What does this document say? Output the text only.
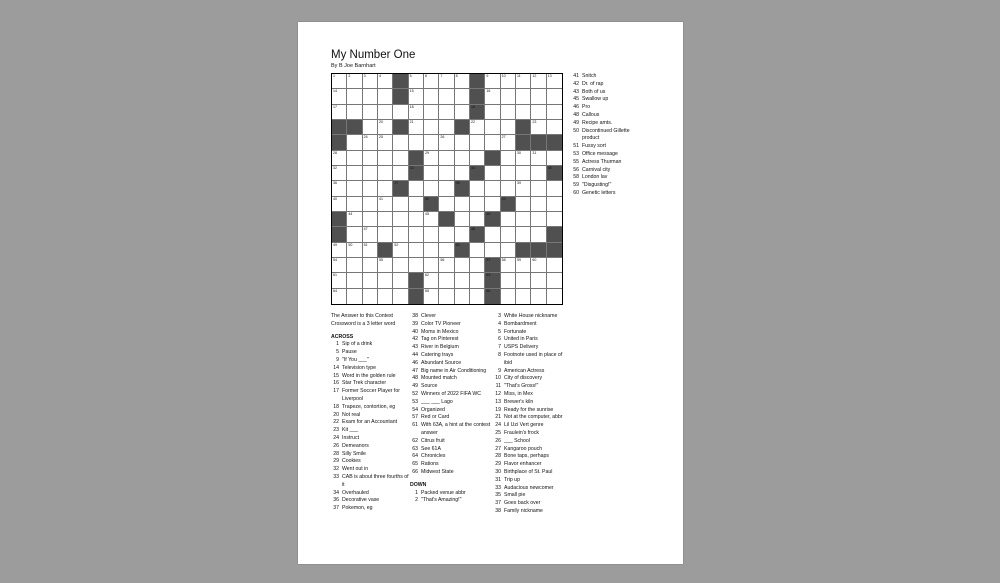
My Number One
By B Joe Barnhart
1	2	3	4	5	6	7	8	9	10	11	12	13
14	15	16
17	18	19
20	21	22	23
24	25	26	27
28	29	30	31
32	33	34	35
36	37	38	39
40	41	42	43
44	45	46
47	48
49	50	51	52	53
54	55	56	57	58	59	60
61	62	63
64	65	66
The Answer to this Contest Crossword is a 3 letter word
ACROSS
1 Sip of a drink
5 Pause
9 "If You ___"
14 Television type
15 Word in the golden rule
16 Star Trek character
17 Former Soccer Player for Liverpool
18 Trapeze, contortion, eg
20 Not real
22 Exam for an Accountant
23 Kit ___
24 Instruct
26 Demeanors
28 Silly Smile
29 Cookies
32 Went out in
33 CAB is about three fourths of it
34 Overhauled
36 Decorative vase
37 Pokemon, eg
38 Clever
39 Color TV Pioneer
40 Moms in Mexico
42 Tag on Pinterest
43 River in Belgium
44 Catering trays
46 Abundant Source
47 Big name in Air Conditioning
48 Mounted match
49 Source
52 Winners of 2022 FIFA WC
53 ___ ___ Lago
54 Organized
57 Red or Card
61 With 63A, a hint at the contest answer
62 Citrus fruit
63 See 61A
64 Chronicles
65 Rations
66 Midwest State
DOWN
1 Packed venue abbr
2 "That's Amazing!"
3 White House nickname
4 Bombardment
5 Fortunate
6 United in Paris
7 USPS Delivery
8 Footnote used in place of ibid
9 American Actress
10 City of discovery
11 "That's Gross!"
12 Miss, in Mex
13 Brewer's kiln
19 Ready for the sunrise
21 Not at the computer, abbr
24 Lil Uzi Vert genre
25 Fraulein's frock
26 ___ School
27 Kangaroo pouch
28 Bone taps, perhaps
29 Flavor enhancer
30 Birthplace of St. Paul
31 Trip up
33 Audacious newcomer
35 Small pie
37 Goes back over
38 Family nickname
41 Snitch
42 Dr. of rap
43 Both of us
45 Swallow up
46 Pro
48 Callous
49 Recipe amts.
50 Discontinued Gillette product
51 Fussy sort
53 Office message
55 Actress Thurman
56 Carnival city
58 London lav
59 "Disgusting!"
60 Genetic letters
